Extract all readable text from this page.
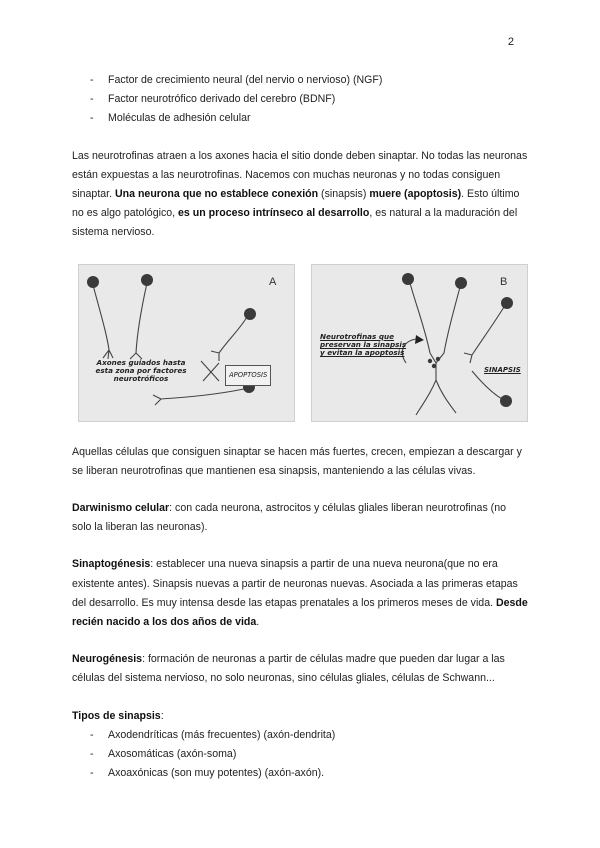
2
- Factor de crecimiento neural (del nervio o nervioso) (NGF)
- Factor neurotrófico derivado del cerebro (BDNF)
- Moléculas de adhesión celular

Las neurotrofinas atraen a los axones hacia el sitio donde deben sinaptar. No todas las neuronas están expuestas a las neurotrofinas. Nacemos con muchas neuronas y no todas consiguen sinaptar. Una neurona que no establece conexión (sinapsis) muere (apoptosis). Esto último no es algo patológico, es un proceso intrínseco al desarrollo, es natural a la maduración del sistema nervioso.

A
Axones guiados hasta esta zona por factores neurotróficos	APOPTOSIS
B
Neurotrofinas que preservan la sinapsis y evitan la apoptosis
SINAPSIS

Aquellas células que consiguen sinaptar se hacen más fuertes, crecen, empiezan a descargar y se liberan neurotrofinas que mantienen esa sinapsis, manteniendo a las células vivas.

Darwinismo celular: con cada neurona, astrocitos y células gliales liberan neurotrofinas (no solo la liberan las neuronas).

Sinaptogénesis: establecer una nueva sinapsis a partir de una nueva neurona(que no era existente antes). Sinapsis nuevas a partir de neuronas nuevas. Asociada a las primeras etapas del desarrollo. Es muy intensa desde las etapas prenatales a los primeros meses de vida. Desde recién nacido a los dos años de vida.

Neurogénesis: formación de neuronas a partir de células madre que pueden dar lugar a las células del sistema nervioso, no solo neuronas, sino células gliales, células de Schwann...

Tipos de sinapsis:

- Axodendríticas (más frecuentes) (axón-dendrita)
- Axosomáticas (axón-soma)
- Axoaxónicas (son muy potentes) (axón-axón).
